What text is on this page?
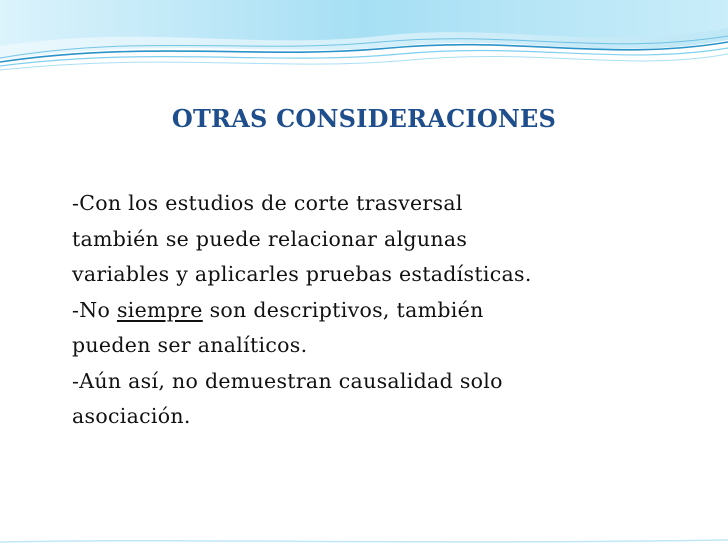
OTRAS CONSIDERACIONES
-Con los estudios de corte trasversal
también se puede relacionar algunas
variables y aplicarles pruebas estadísticas.
-No siempre son descriptivos, también
pueden ser analíticos.
-Aún así, no demuestran causalidad solo
asociación.
